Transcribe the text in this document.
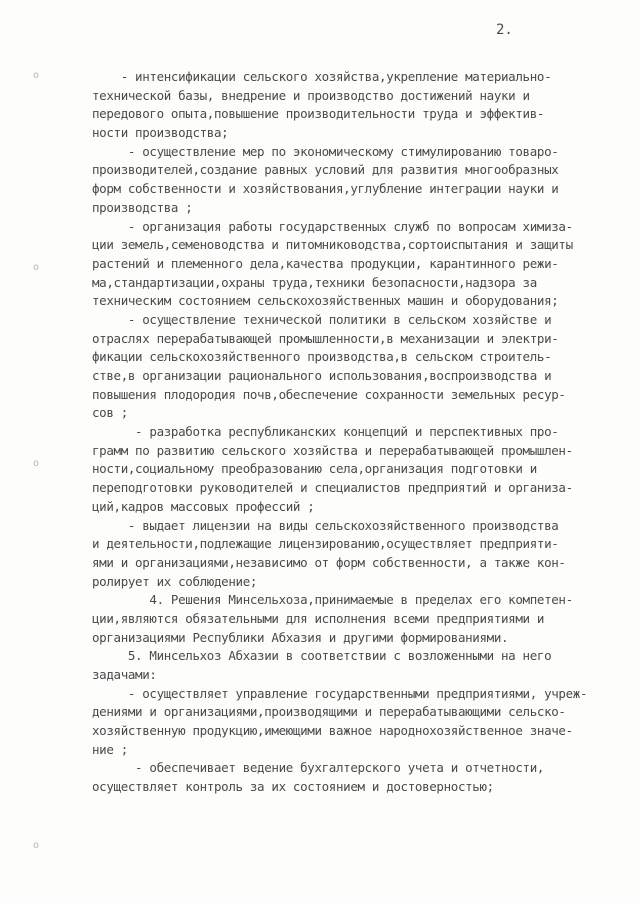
2.
o
o
o
o
- интенсификации сельского хозяйства,укрепление материально-
технической базы, внедрение и производство достижений науки и
передового опыта,повышение производительности труда и эффектив-
ности производства;
- осуществление мер по экономическому стимулированию товаро-
производителей,создание равных условий для развития многообразных
форм собственности и хозяйствования,углубление интеграции науки и
производства ;
- организация работы государственных служб по вопросам химиза-
ции земель,семеноводства и питомниководства,сортоиспытания и защиты
растений и племенного дела,качества продукции, карантинного режи-
ма,стандартизации,охраны труда,техники безопасности,надзора за
техническим состоянием сельскохозяйственных машин и оборудования;
- осуществление технической политики в сельском хозяйстве и
отраслях перерабатывающей промышленности,в механизации и электри-
фикации сельскохозяйственного производства,в сельском строитель-
стве,в организации рационального использования,воспроизводства и
повышения плодородия почв,обеспечение сохранности земельных ресур-
сов ;
- разработка республиканских концепций и перспективных про-
грамм по развитию сельского хозяйства и перерабатывающей промышлен-
ности,социальному преобразованию села,организация подготовки и
переподготовки руководителей и специалистов предприятий и организа-
ций,кадров массовых профессий ;
- выдает лицензии на виды сельскохозяйственного производства
и деятельности,подлежащие лицензированию,осуществляет предприяти-
ями и организациями,независимо от форм собственности, а также кон-
ролирует их соблюдение;
4. Решения Минсельхоза,принимаемые в пределах его компетен-
ции,являются обязательными для исполнения всеми предприятиями и
организациями Республики Абхазия и другими формированиями.
5. Минсельхоз Абхазии в соответствии с возложенными на него
задачами:
- осуществляет управление государственными предприятиями, учреж-
дениями и организациями,производящими и перерабатывающими сельско-
хозяйственную продукцию,имеющими важное народнохозяйственное значе-
ние ;
- обеспечивает ведение бухгалтерского учета и отчетности,
осуществляет контроль за их состоянием и достоверностью;
